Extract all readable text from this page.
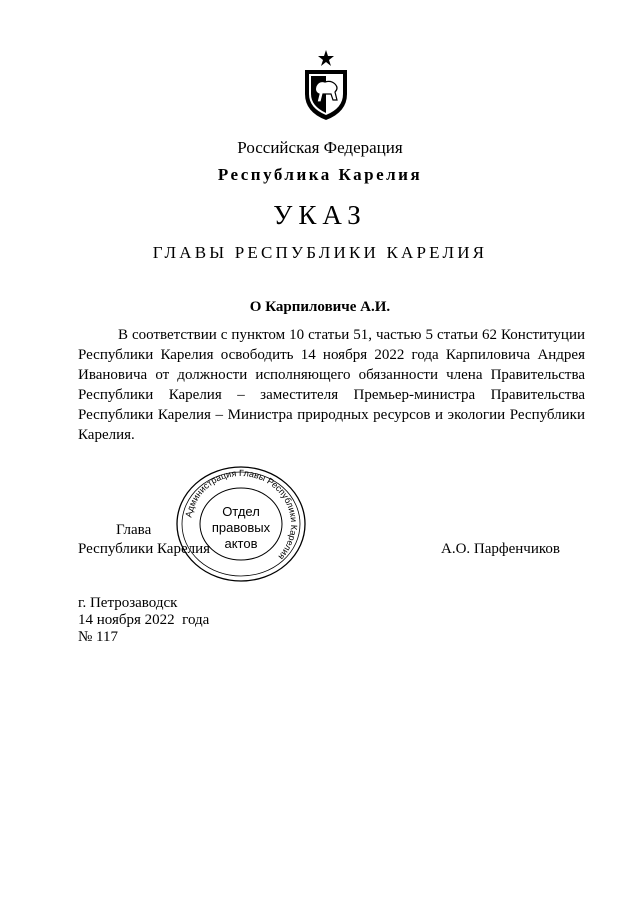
Российская Федерация
Республика Карелия
УКАЗ
ГЛАВЫ РЕСПУБЛИКИ КАРЕЛИЯ
О Карпиловиче А.И.

В соответствии с пунктом 10 статьи 51, частью 5 статьи 62 Конституции Республики Карелия освободить 14 ноября 2022 года Карпиловича Андрея Ивановича от должности исполняющего обязанности члена Правительства Республики Карелия – заместителя Премьер-министра Правительства Республики Карелия – Министра природных ресурсов и экологии Республики Карелия.

Глава
Республики Карелия	А.О. Парфенчиков
Администрация Главы Республики Карелия
Отдел
правовых
актов
г. Петрозаводск
14 ноября 2022  года
№ 117
